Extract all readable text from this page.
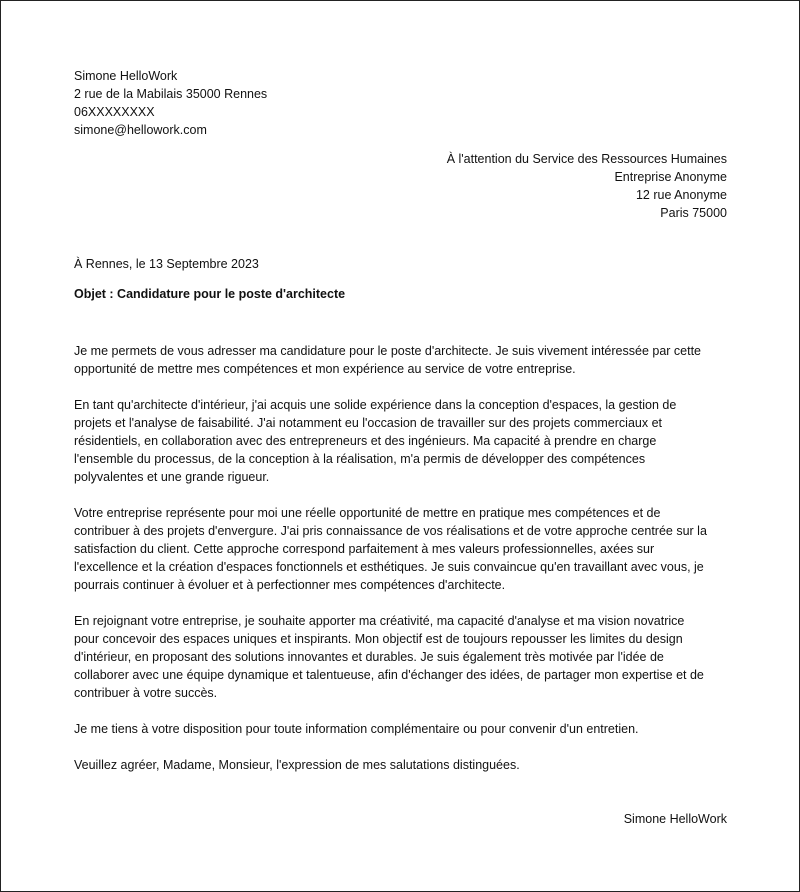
Simone HelloWork
2 rue de la Mabilais 35000 Rennes
06XXXXXXXX
simone@hellowork.com
À l'attention du Service des Ressources Humaines
Entreprise Anonyme
12 rue Anonyme
Paris 75000
À Rennes, le 13 Septembre 2023
Objet : Candidature pour le poste d'architecte

Je me permets de vous adresser ma candidature pour le poste d'architecte. Je suis vivement intéressée par cette
opportunité de mettre mes compétences et mon expérience au service de votre entreprise.

En tant qu'architecte d'intérieur, j'ai acquis une solide expérience dans la conception d'espaces, la gestion de
projets et l'analyse de faisabilité. J'ai notamment eu l'occasion de travailler sur des projets commerciaux et
résidentiels, en collaboration avec des entrepreneurs et des ingénieurs. Ma capacité à prendre en charge
l'ensemble du processus, de la conception à la réalisation, m'a permis de développer des compétences
polyvalentes et une grande rigueur.

Votre entreprise représente pour moi une réelle opportunité de mettre en pratique mes compétences et de
contribuer à des projets d'envergure. J'ai pris connaissance de vos réalisations et de votre approche centrée sur la
satisfaction du client. Cette approche correspond parfaitement à mes valeurs professionnelles, axées sur
l'excellence et la création d'espaces fonctionnels et esthétiques. Je suis convaincue qu'en travaillant avec vous, je
pourrais continuer à évoluer et à perfectionner mes compétences d'architecte.

En rejoignant votre entreprise, je souhaite apporter ma créativité, ma capacité d'analyse et ma vision novatrice
pour concevoir des espaces uniques et inspirants. Mon objectif est de toujours repousser les limites du design
d'intérieur, en proposant des solutions innovantes et durables. Je suis également très motivée par l'idée de
collaborer avec une équipe dynamique et talentueuse, afin d'échanger des idées, de partager mon expertise et de
contribuer à votre succès.

Je me tiens à votre disposition pour toute information complémentaire ou pour convenir d'un entretien.

Veuillez agréer, Madame, Monsieur, l'expression de mes salutations distinguées.

Simone HelloWork
